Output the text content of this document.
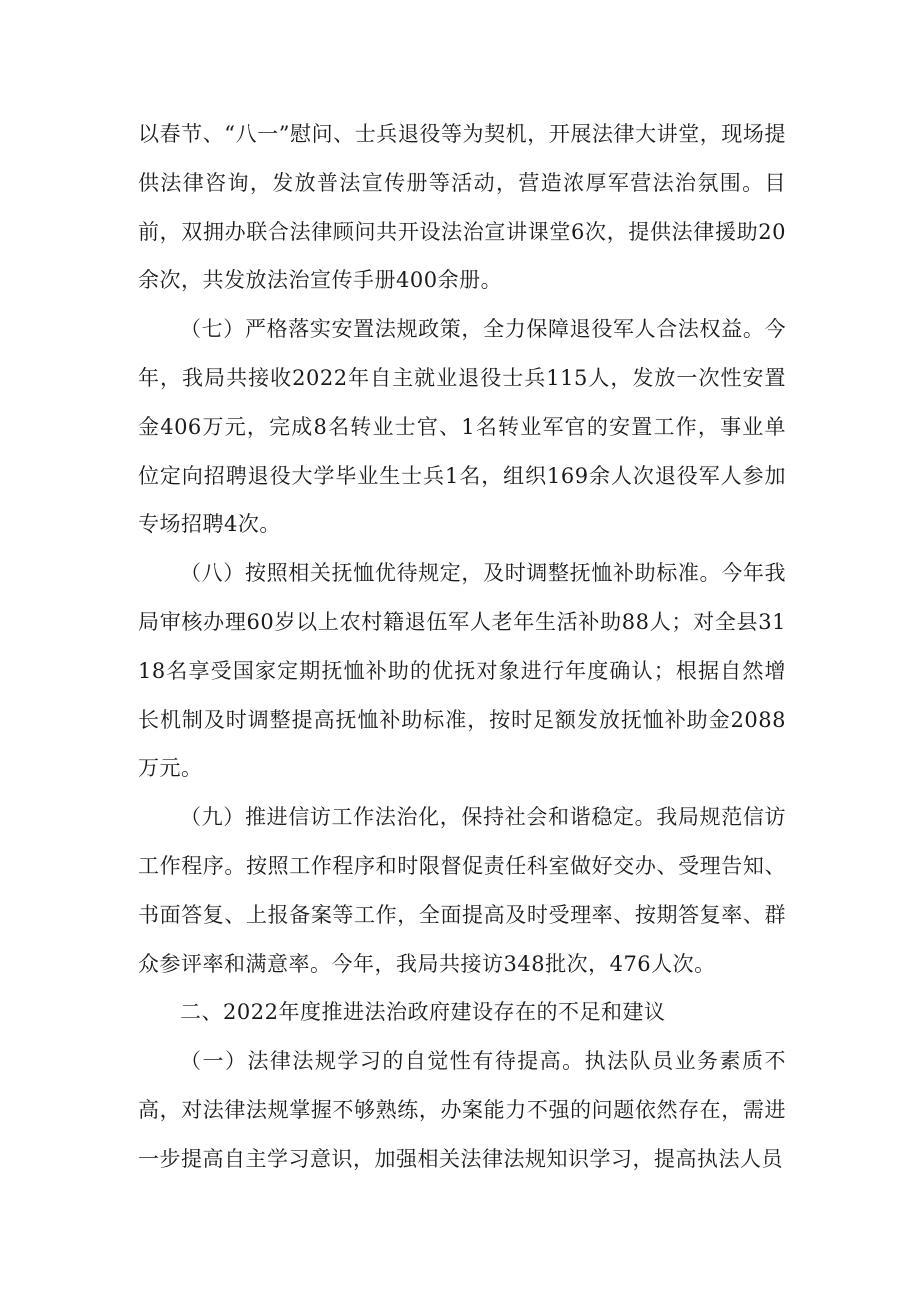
以春节、“八一”慰问、士兵退役等为契机，开展法律大讲堂，现场提供法律咨询，发放普法宣传册等活动，营造浓厚军营法治氛围。目前，双拥办联合法律顾问共开设法治宣讲课堂6次，提供法律援助20余次，共发放法治宣传手册400余册。

（七）严格落实安置法规政策，全力保障退役军人合法权益。今年，我局共接收2022年自主就业退役士兵115人，发放一次性安置金406万元，完成8名转业士官、1名转业军官的安置工作，事业单位定向招聘退役大学毕业生士兵1名，组织169余人次退役军人参加专场招聘4次。

（八）按照相关抚恤优待规定，及时调整抚恤补助标准。今年我局审核办理60岁以上农村籍退伍军人老年生活补助88人；对全县3118名享受国家定期抚恤补助的优抚对象进行年度确认；根据自然增长机制及时调整提高抚恤补助标准，按时足额发放抚恤补助金2088万元。

（九）推进信访工作法治化，保持社会和谐稳定。我局规范信访工作程序。按照工作程序和时限督促责任科室做好交办、受理告知、书面答复、上报备案等工作，全面提高及时受理率、按期答复率、群众参评率和满意率。今年，我局共接访348批次，476人次。

二、2022年度推进法治政府建设存在的不足和建议

（一）法律法规学习的自觉性有待提高。执法队员业务素质不高，对法律法规掌握不够熟练，办案能力不强的问题依然存在，需进一步提高自主学习意识，加强相关法律法规知识学习，提高执法人员
